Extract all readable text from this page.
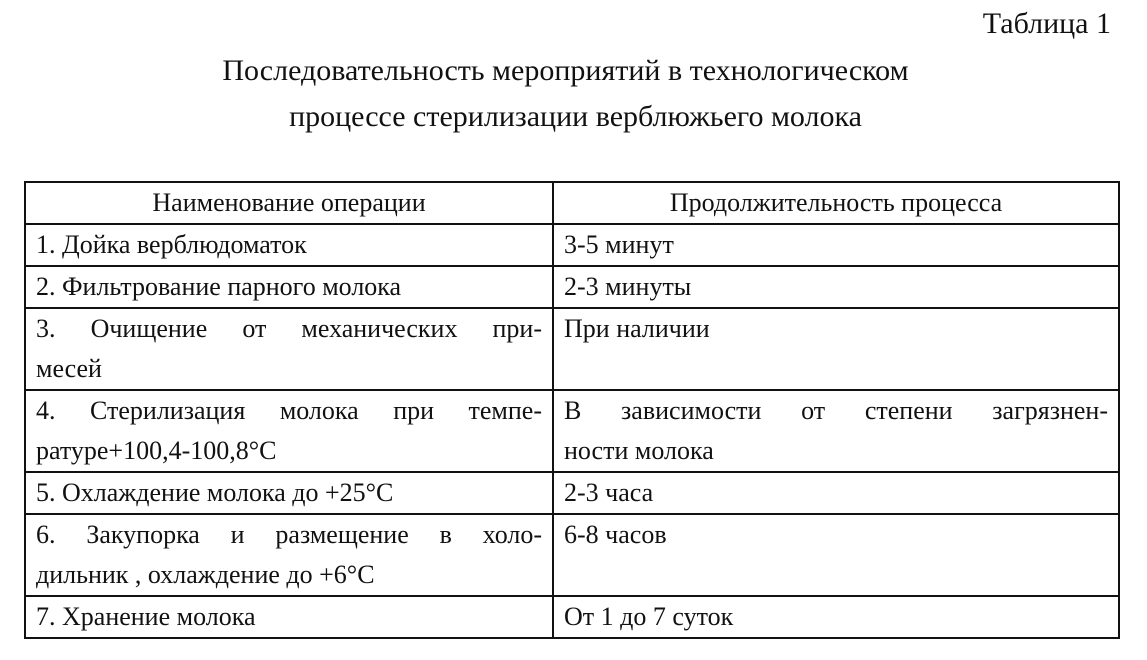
Таблица 1
Последовательность мероприятий в технологическом
процессе стерилизации верблюжьего молока
Наименование операции	Продолжительность процесса

1. Дойка верблюдоматок	3-5 минут

2. Фильтрование парного молока	2-3 минуты

3. Очищение от механических при-
месей	При наличии

4. Стерилизация молока при темпе-
ратуре+100,4-100,8°С	В зависимости от степени загрязнен-
ности молока

5. Охлаждение молока до +25°С	2-3 часа

6. Закупорка и размещение в холо-
дильник , охлаждение до +6°С	6-8 часов

7. Хранение молока	От 1 до 7 суток
